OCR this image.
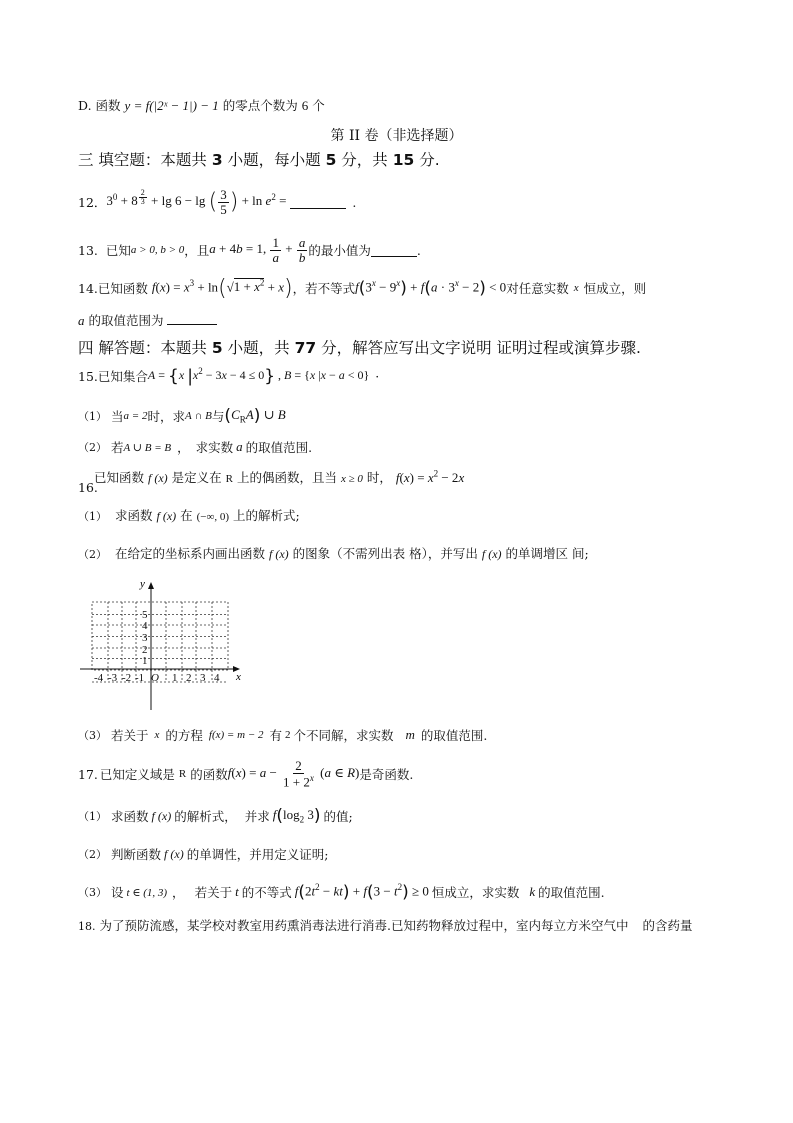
D. 函数 y = f(|2ˣ − 1|) − 1 的零点个数为 6 个
第 II 卷（非选择题）
三 填空题：本题共 3 小题，每小题 5 分，共 15 分.
12． $3^0 + 8$ $^{\frac{2}{3}}$ + lg 6 − lg ( $\frac{3}{5}$ ) + $\ln e^2$ =	.
13. 已知 a > 0, b > 0 ，且 a + 4b = 1, $\frac{1}{a} + \frac{a}{b}$ 的最小值为	.
14. 已知函数 $f(x) = x^3 + \ln(√1 + x^2 + x)$ ，若不等式 $f(3^x - 9^x) + f(a \cdot 3^x - 2) < 0$ 对任意实数 x 恒成立，则
a 的取值范围为
四 解答题：本题共 5 小题，共 77 分，解答应写出文字说明 证明过程或演算步骤.
15. 已知集合 A = {x $|x^2 - 3x - 4 \le 0$} , B = {x |x − a < 0} ·
（1） 当 a = 2 时， 求 A ∩ B 与 $(C_RA)$ ∪ B
（2） 若 A ∪ B = B ， 求实数 a 的取值范围.
16.
已知函数 f (x) 是定义在 R 上的偶函数，且当 x ≥ 0 时， $f(x) = x^2 - 2x$
（1） 求函数 f (x) 在 (−∞, 0) 上的解析式;
（2） 在给定的坐标系内画出函数 f (x) 的图象（不需列出表 格），并写出 f (x) 的单调增区 间;
y
x
1
2
3
4
5
-4 -3 -2 -1 O 1 2 3 4
（3） 若关于 x 的方程 f(x) = m − 2 有 2 个不同解，求实数 m 的取值范围.
17. 已知定义域是 R 的函数 $f(x) = a - \frac{2}{1 + 2^x} (a$ ∈ R) 是奇函数.
（1） 求函数 f (x) 的解析式， 并求 $f(\log_2$ 3) 的值;
（2） 判断函数 f (x) 的单调性，并用定义证明;
（3） 设 t ∈ (1, 3) ， 若关于 t 的不等式 $f(2t^2 - kt) + f(3 - t^2) \ge 0$ 恒成立，求实数 k 的取值范围.
18. 为了预防流感，某学校对教室用药熏消毒法进行消毒.已知药物释放过程中，室内每立方米空气中 的含药量
